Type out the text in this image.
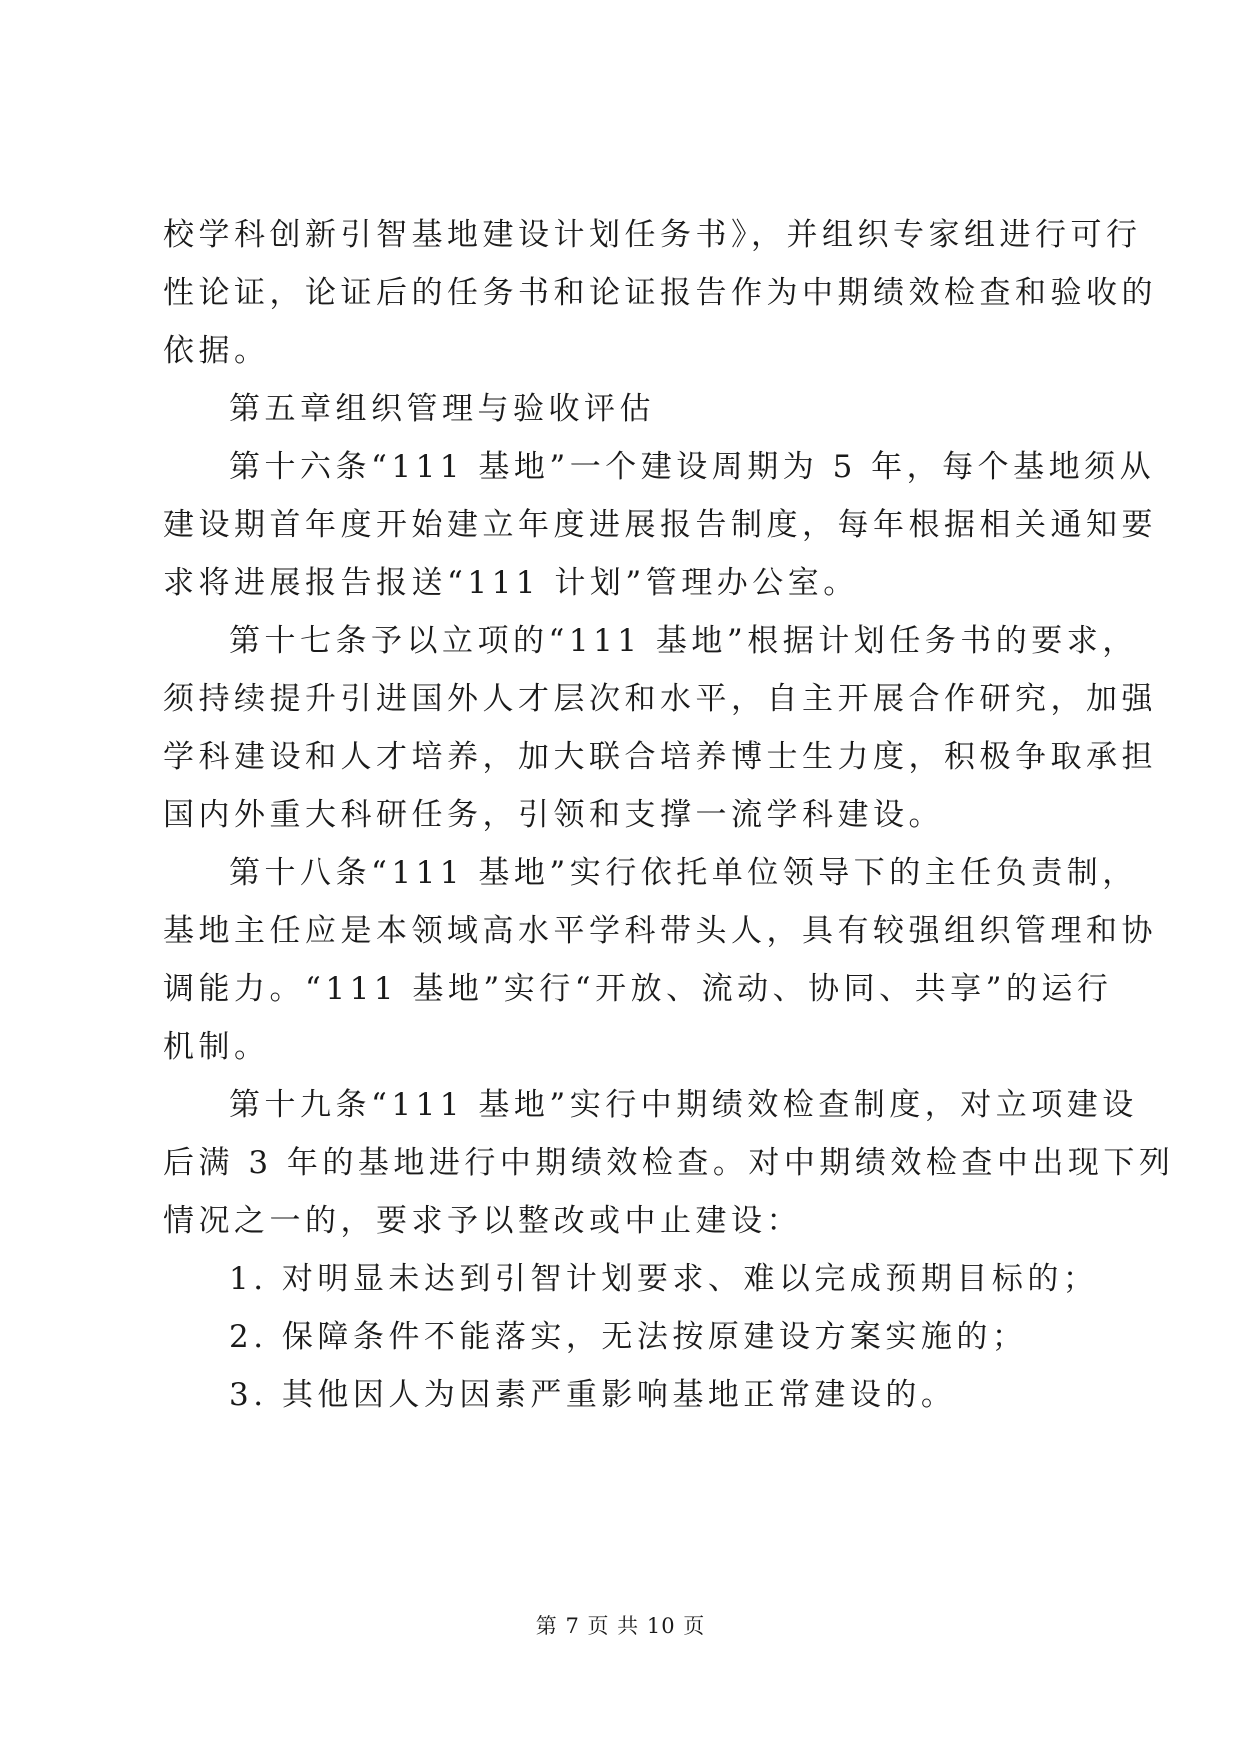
校学科创新引智基地建设计划任务书》，并组织专家组进行可行
性论证，论证后的任务书和论证报告作为中期绩效检查和验收的
依据。
第五章组织管理与验收评估
第十六条“111 基地”一个建设周期为 5 年，每个基地须从
建设期首年度开始建立年度进展报告制度，每年根据相关通知要
求将进展报告报送“111 计划”管理办公室。
第十七条予以立项的“111 基地”根据计划任务书的要求，
须持续提升引进国外人才层次和水平，自主开展合作研究，加强
学科建设和人才培养，加大联合培养博士生力度，积极争取承担
国内外重大科研任务，引领和支撑一流学科建设。
第十八条“111 基地”实行依托单位领导下的主任负责制，
基地主任应是本领域高水平学科带头人，具有较强组织管理和协
调能力。“111 基地”实行“开放、流动、协同、共享”的运行
机制。
第十九条“111 基地”实行中期绩效检查制度，对立项建设
后满 3 年的基地进行中期绩效检查。对中期绩效检查中出现下列
情况之一的，要求予以整改或中止建设：
1. 对明显未达到引智计划要求、难以完成预期目标的；
2. 保障条件不能落实，无法按原建设方案实施的；
3. 其他因人为因素严重影响基地正常建设的。
第 7 页 共 10 页
